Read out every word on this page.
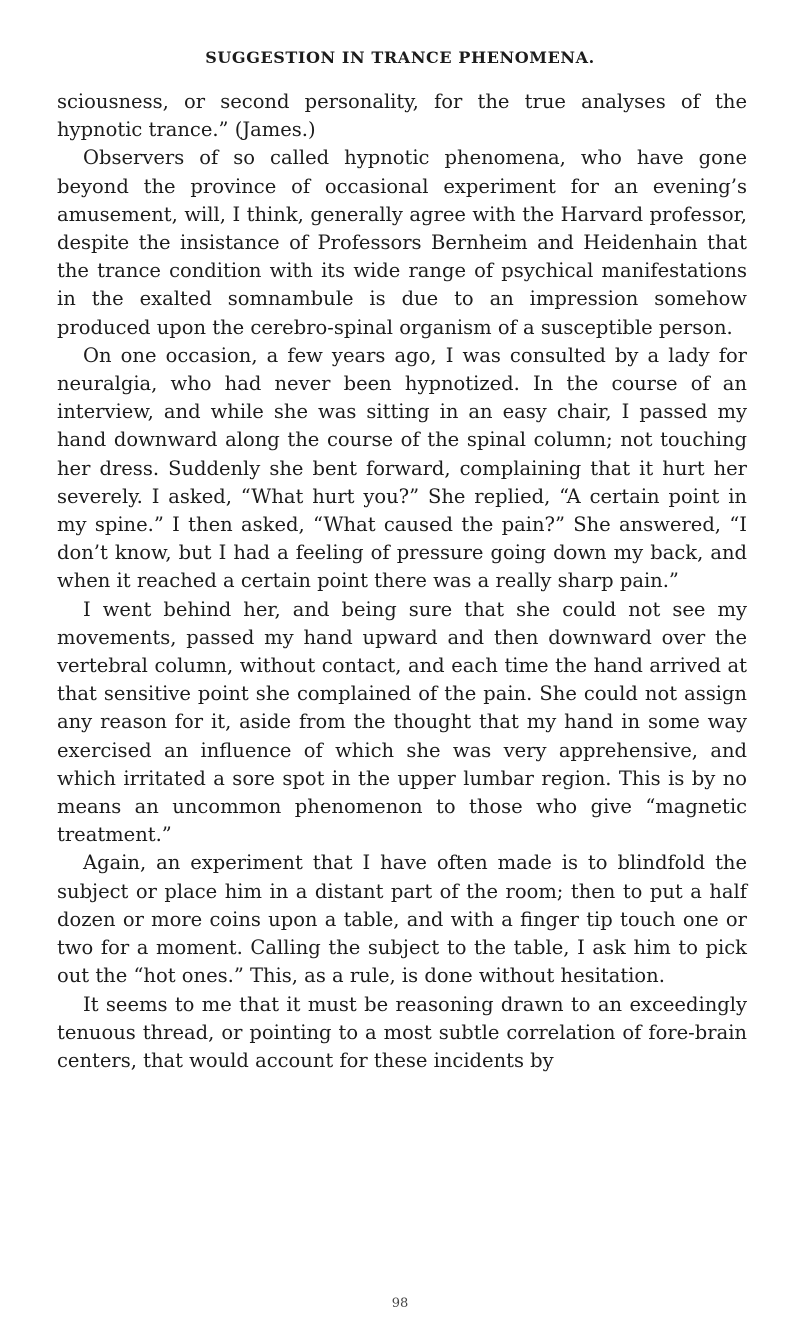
SUGGESTION IN TRANCE PHENOMENA.

sciousness, or second personality, for the true analyses of the hypnotic trance.” (James.)

Observers of so called hypnotic phenomena, who have gone beyond the province of occasional experiment for an evening’s amusement, will, I think, generally agree with the Harvard professor, despite the insistance of Professors Bernheim and Heidenhain that the trance condition with its wide range of psychical manifestations in the exalted somnambule is due to an impression somehow produced upon the cerebro-spinal organism of a susceptible person.

On one occasion, a few years ago, I was consulted by a lady for neuralgia, who had never been hypnotized. In the course of an interview, and while she was sitting in an easy chair, I passed my hand downward along the course of the spinal column; not touching her dress. Suddenly she bent forward, complaining that it hurt her severely. I asked, “What hurt you?” She replied, “A certain point in my spine.” I then asked, “What caused the pain?” She answered, “I don’t know, but I had a feeling of pressure going down my back, and when it reached a certain point there was a really sharp pain.”

I went behind her, and being sure that she could not see my movements, passed my hand upward and then downward over the vertebral column, without contact, and each time the hand arrived at that sensitive point she complained of the pain. She could not assign any reason for it, aside from the thought that my hand in some way exercised an influence of which she was very apprehensive, and which irritated a sore spot in the upper lumbar region. This is by no means an uncommon phenomenon to those who give “magnetic treatment.”

Again, an experiment that I have often made is to blindfold the subject or place him in a distant part of the room; then to put a half dozen or more coins upon a table, and with a finger tip touch one or two for a moment. Calling the subject to the table, I ask him to pick out the “hot ones.” This, as a rule, is done without hesitation.

It seems to me that it must be reasoning drawn to an exceedingly tenuous thread, or pointing to a most subtle correlation of fore-brain centers, that would account for these incidents by

98
